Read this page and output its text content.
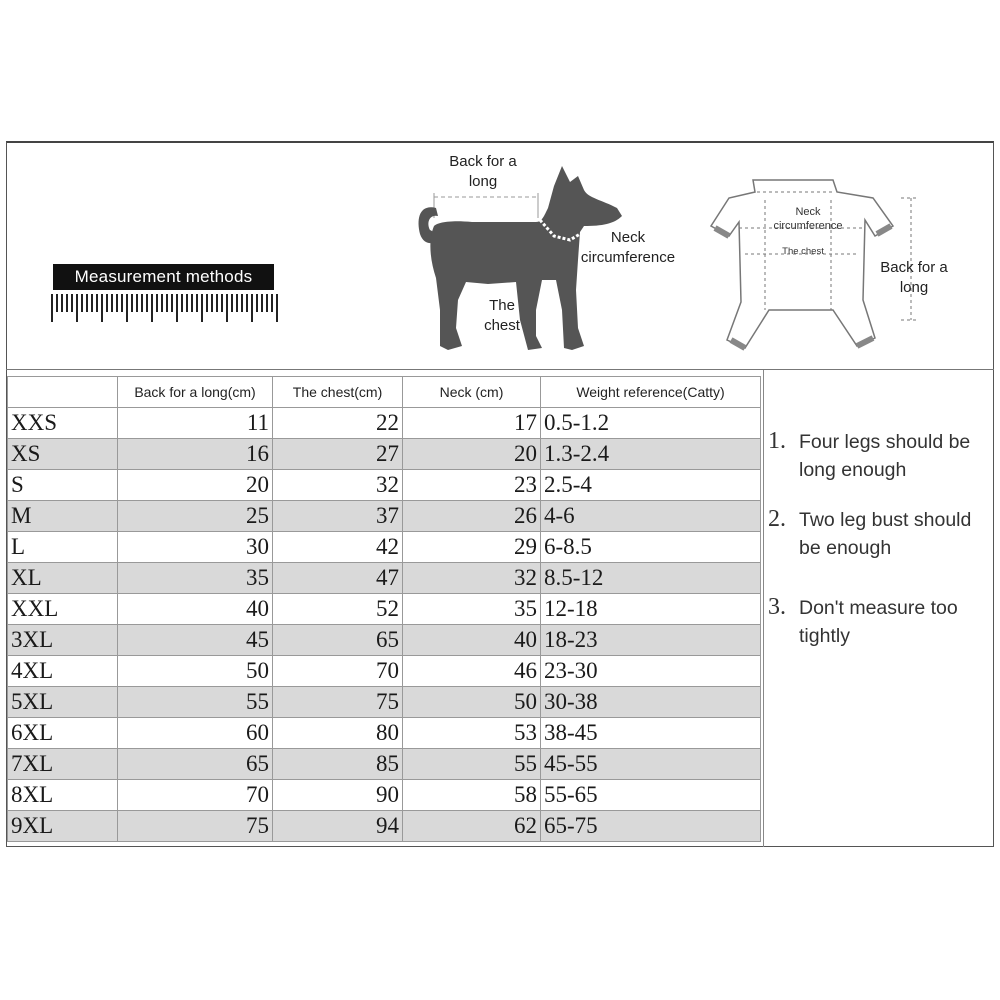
Measurement methods
Back for a long
Neck circumference
The chest
Neck circumference
The chest
Back for a long
	Back for a long(cm)	The chest(cm)	Neck (cm)	Weight reference(Catty)
XXS	11	22	17	0.5-1.2
XS	16	27	20	1.3-2.4
S	20	32	23	2.5-4
M	25	37	26	4-6
L	30	42	29	6-8.5
XL	35	47	32	8.5-12
XXL	40	52	35	12-18
3XL	45	65	40	18-23
4XL	50	70	46	23-30
5XL	55	75	50	30-38
6XL	60	80	53	38-45
7XL	65	85	55	45-55
8XL	70	90	58	55-65
9XL	75	94	62	65-75
1. Four legs should be long enough
2. Two leg bust should be enough
3. Don't measure too tightly
